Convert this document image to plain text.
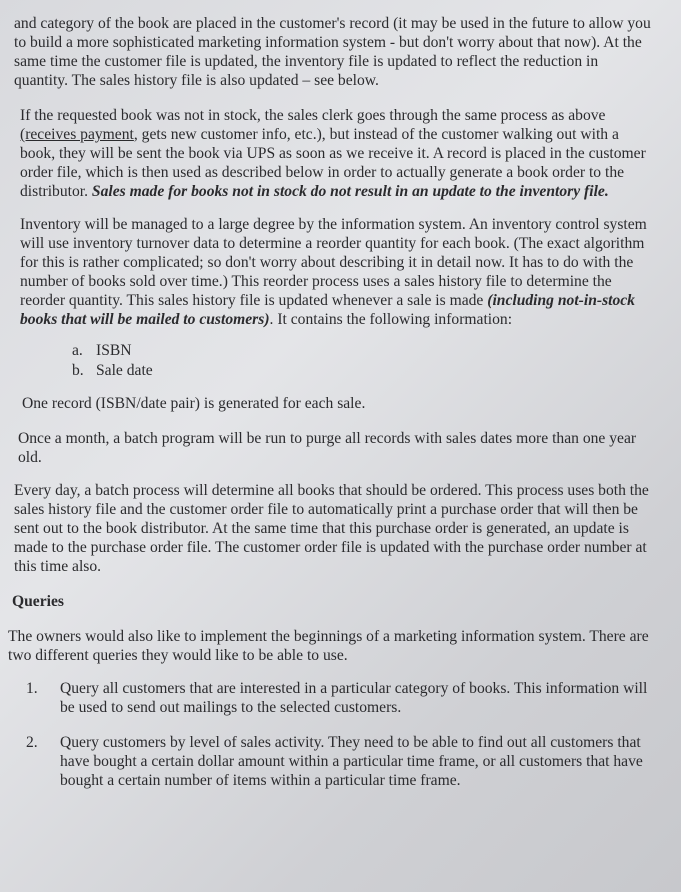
and category of the book are placed in the customer's record (it may be used in the future to allow you to build a more sophisticated marketing information system - but don't worry about that now). At the same time the customer file is updated, the inventory file is updated to reflect the reduction in quantity. The sales history file is also updated – see below.

If the requested book was not in stock, the sales clerk goes through the same process as above (receives payment, gets new customer info, etc.), but instead of the customer walking out with a book, they will be sent the book via UPS as soon as we receive it. A record is placed in the customer order file, which is then used as described below in order to actually generate a book order to the distributor. Sales made for books not in stock do not result in an update to the inventory file.

Inventory will be managed to a large degree by the information system. An inventory control system will use inventory turnover data to determine a reorder quantity for each book. (The exact algorithm for this is rather complicated; so don't worry about describing it in detail now. It has to do with the number of books sold over time.) This reorder process uses a sales history file to determine the reorder quantity. This sales history file is updated whenever a sale is made (including not-in-stock books that will be mailed to customers). It contains the following information:

a. ISBN
b. Sale date

One record (ISBN/date pair) is generated for each sale.

Once a month, a batch program will be run to purge all records with sales dates more than one year old.

Every day, a batch process will determine all books that should be ordered. This process uses both the sales history file and the customer order file to automatically print a purchase order that will then be sent out to the book distributor. At the same time that this purchase order is generated, an update is made to the purchase order file. The customer order file is updated with the purchase order number at this time also.

Queries

The owners would also like to implement the beginnings of a marketing information system. There are two different queries they would like to be able to use.

1.	Query all customers that are interested in a particular category of books. This information will be used to send out mailings to the selected customers.
2.	Query customers by level of sales activity. They need to be able to find out all customers that have bought a certain dollar amount within a particular time frame, or all customers that have bought a certain number of items within a particular time frame.
